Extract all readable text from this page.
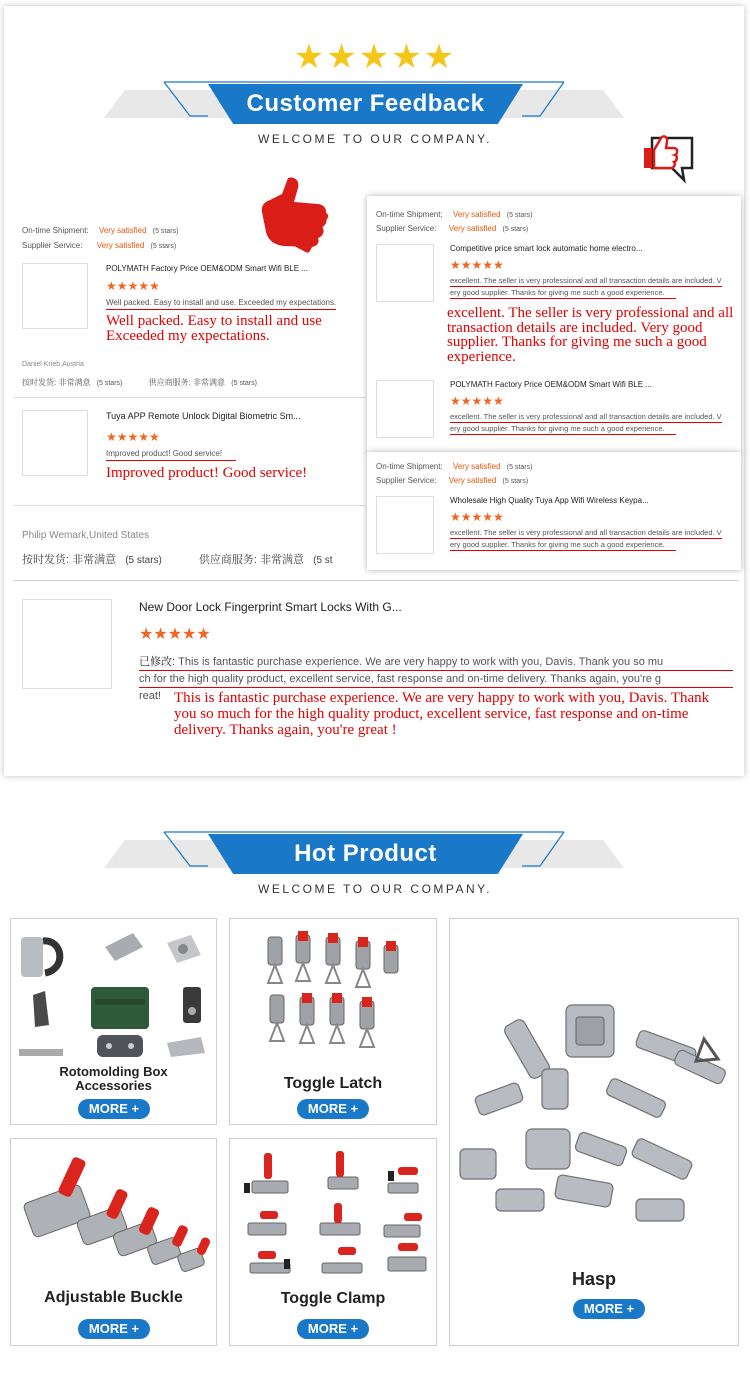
★★★★★
Customer Feedback
WELCOME TO OUR COMPANY.
On-time Shipment: Very satisfied (5 stars)
Supplier Service: Very satisfied (5 stars)
POLYMATH Factory Price OEM&ODM Smart Wifi BLE ...
★★★★★
Well packed. Easy to install and use. Exceeded my expectations.
Well packed. Easy to install and use Exceeded my expectations.
Daniel Krieb,Austria
按时发货: 非常满意 (5 stars)	供应商服务: 非常满意 (5 stars)
Tuya APP Remote Unlock Digital Biometric Sm...
★★★★★
Improved product! Good service!
Improved product! Good service!
Philip Wemark,United States
按时发货: 非常满意 (5 stars)	供应商服务: 非常满意 (5 st
On-time Shipment: Very satisfied (5 stars)
Supplier Service: Very satisfied (5 stars)
Competitive price smart lock automatic home electro...
★★★★★
excellent. The seller is very professional and all transaction details are included. V
ery good supplier. Thanks for giving me such a good experience.
excellent. The seller is very professional and all transaction details are included. Very good supplier. Thanks for giving me such a good experience.
POLYMATH Factory Price OEM&ODM Smart Wifi BLE ...
★★★★★
excellent. The seller is very professional and all transaction details are included. V
ery good supplier. Thanks for giving me such a good experience.
On-time Shipment: Very satisfied (5 stars)
Supplier Service: Very satisfied (5 stars)
Wholesale High Quality Tuya App Wifi Wireless Keypa...
★★★★★
excellent. The seller is very professional and all transaction details are included. V
ery good supplier. Thanks for giving me such a good experience.
New Door Lock Fingerprint Smart Locks With G...
★★★★★
已修改: This is fantastic purchase experience. We are very happy to work with you, Davis. Thank you so mu
ch for the high quality product, excellent service, fast response and on-time delivery. Thanks again, you're g
reat! This is fantastic purchase experience. We are very happy to work with you, Davis. Thank you so much for the high quality product, excellent service, fast response and on-time delivery. Thanks again, you're great !
Hot Product
WELCOME TO OUR COMPANY.
Rotomolding Box
Accessories
MORE +
Toggle Latch
MORE +
Hasp
MORE +
Adjustable Buckle
MORE +
Toggle Clamp
MORE +
